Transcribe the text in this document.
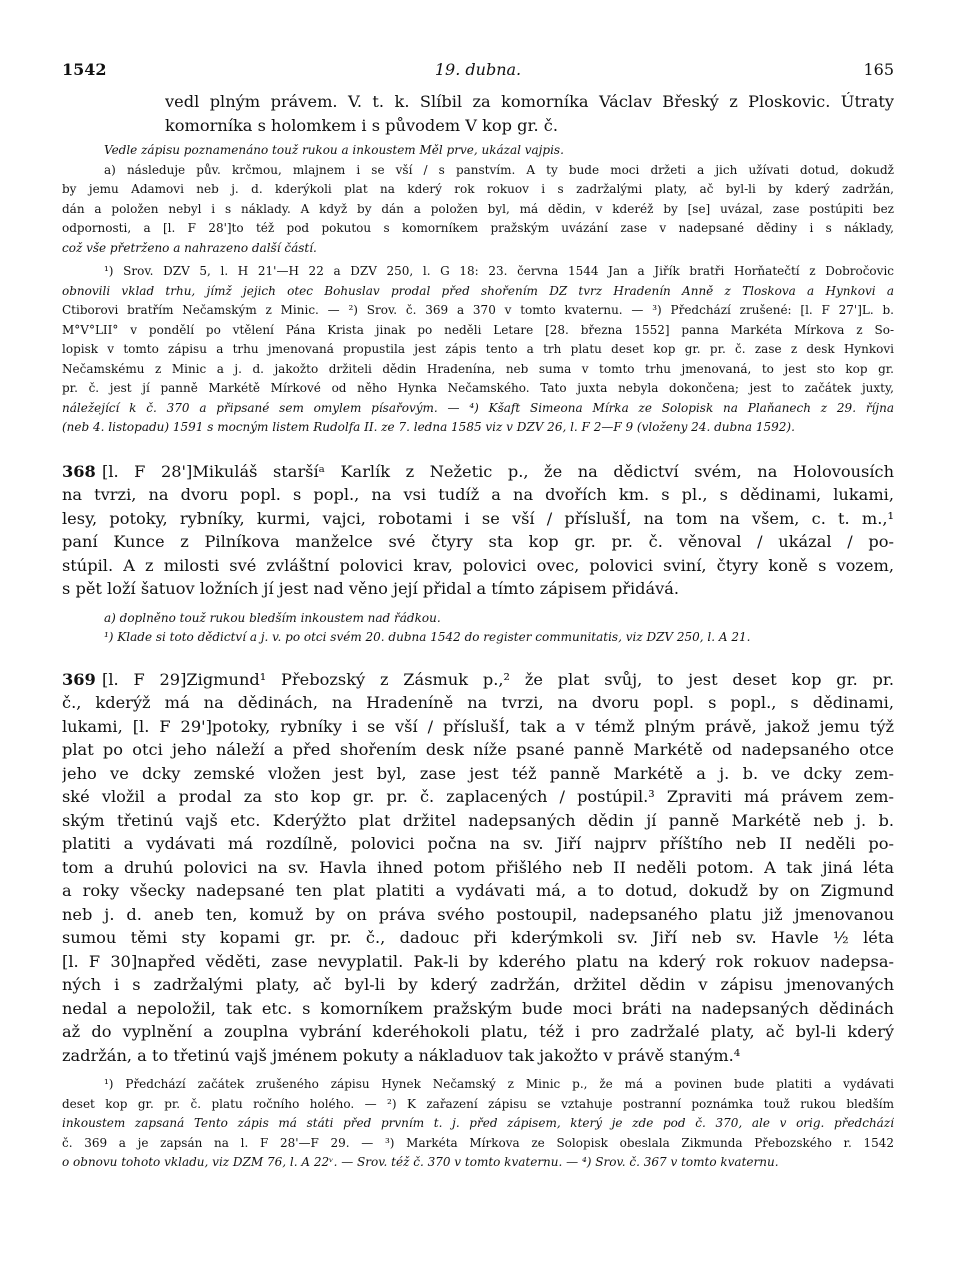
1542	19. dubna.	165
vedl plným právem. V. t. k. Slíbil za komorníka Václav Břeský z Ploskovic. Útraty
komorníka s holomkem i s původem V kop gr. č.
Vedle zápisu poznamenáno touž rukou a inkoustem Měl prve, ukázal vajpis.
a) následuje pův. krčmou, mlajnem i se vší / s panstvím. A ty bude moci držeti a jich užívati dotud, dokudž
by jemu Adamovi neb j. d. kderýkoli plat na kderý rok rokuov i s zadržalými platy, ač byl-li by kderý zadržán,
dán a položen nebyl i s náklady. A když by dán a položen byl, má dědin, v kderéž by [se] uvázal, zase postúpiti bez
odpornosti, a [l. F 28']to též pod pokutou s komorníkem pražským uvázání zase v nadepsané dědiny i s náklady,
což vše přetrženo a nahrazeno další částí.
¹) Srov. DZV 5, l. H 21'—H 22 a DZV 250, l. G 18: 23. června 1544 Jan a Jiřík bratři Horňatečtí z Dobročovic
obnovili vklad trhu, jímž jejich otec Bohuslav prodal před shořením DZ tvrz Hradenín Anně z Tloskova a Hynkovi a
Ctiborovi bratřím Nečamským z Minic. — ²) Srov. č. 369 a 370 v tomto kvaternu. — ³) Předchází zrušené: [l. F 27']L. b.
M°V°LII° v pondělí po vtělení Pána Krista jinak po neděli Letare [28. března 1552] panna Markéta Mírkova z So-
lopisk v tomto zápisu a trhu jmenovaná propustila jest zápis tento a trh platu deset kop gr. pr. č. zase z desk Hynkovi
Nečamskému z Minic a j. d. jakožto držiteli dědin Hradenína, neb suma v tomto trhu jmenovaná, to jest sto kop gr.
pr. č. jest jí panně Markétě Mírkové od něho Hynka Nečamského. Tato juxta nebyla dokončena; jest to začátek juxty,
náležející k č. 370 a připsané sem omylem písařovým. — ⁴) Kšaft Simeona Mírka ze Solopisk na Plaňanech z 29. října
(neb 4. listopadu) 1591 s mocným listem Rudolfa II. ze 7. ledna 1585 viz v DZV 26, l. F 2—F 9 (vloženy 24. dubna 1592).
368 [l. F 28']Mikuláš staršíᵃ Karlík z Nežetic p., že na dědictví svém, na Holovousích
na tvrzi, na dvoru popl. s popl., na vsi tudíž a na dvořích km. s pl., s dědinami, lukami,
lesy, potoky, rybníky, kurmi, vajci, robotami i se vší / příslušÍ, na tom na všem, c. t. m.,¹
paní Kunce z Pilníkova manželce své čtyry sta kop gr. pr. č. věnoval / ukázal / po-
stúpil. A z milosti své zvláštní polovici krav, polovici ovec, polovici sviní, čtyry koně s vozem,
s pět loží šatuov ložních jí jest nad věno její přidal a tímto zápisem přidává.
a) doplněno touž rukou bledším inkoustem nad řádkou.
¹) Klade si toto dědictví a j. v. po otci svém 20. dubna 1542 do register communitatis, viz DZV 250, l. A 21.
369 [l. F 29]Zigmund¹ Přebozský z Zásmuk p.,² že plat svůj, to jest deset kop gr. pr.
č., kderýž má na dědinách, na Hradeníně na tvrzi, na dvoru popl. s popl., s dědinami,
lukami, [l. F 29']potoky, rybníky i se vší / příslušÍ, tak a v témž plným právě, jakož jemu týž
plat po otci jeho náleží a před shořením desk níže psané panně Markétě od nadepsaného otce
jeho ve dcky zemské vložen jest byl, zase jest též panně Markétě a j. b. ve dcky zem-
ské vložil a prodal za sto kop gr. pr. č. zaplacených / postúpil.³ Zpraviti má právem zem-
ským třetinú vajš etc. Kderýžto plat držitel nadepsaných dědin jí panně Markétě neb j. b.
platiti a vydávati má rozdílně, polovici počna na sv. Jiří najprv příštího neb II neděli po-
tom a druhú polovici na sv. Havla ihned potom přišlého neb II neděli potom. A tak jiná léta
a roky všecky nadepsané ten plat platiti a vydávati má, a to dotud, dokudž by on Zigmund
neb j. d. aneb ten, komuž by on práva svého postoupil, nadepsaného platu již jmenovanou
sumou těmi sty kopami gr. pr. č., dadouc při kderýmkoli sv. Jiří neb sv. Havle ½ léta
[l. F 30]napřed věděti, zase nevyplatil. Pak-li by kderého platu na kderý rok rokuov nadepsa-
ných i s zadržalými platy, ač byl-li by kderý zadržán, držitel dědin v zápisu jmenovaných
nedal a nepoložil, tak etc. s komorníkem pražským bude moci bráti na nadepsaných dědinách
až do vyplnění a zouplna vybrání kderéhokoli platu, též i pro zadržalé platy, ač byl-li kderý
zadržán, a to třetinú vajš jménem pokuty a nákladuov tak jakožto v právě staným.⁴
¹) Předchází začátek zrušeného zápisu Hynek Nečamský z Minic p., že má a povinen bude platiti a vydávati
deset kop gr. pr. č. platu ročního holého. — ²) K zařazení zápisu se vztahuje postranní poznámka touž rukou bledším
inkoustem zapsaná Tento zápis má státi před prvním t. j. před zápisem, který je zde pod č. 370, ale v orig. předchází
č. 369 a je zapsán na l. F 28'—F 29. — ³) Markéta Mírkova ze Solopisk obeslala Zikmunda Přebozského r. 1542
o obnovu tohoto vkladu, viz DZM 76, l. A 22ᵛ. — Srov. též č. 370 v tomto kvaternu. — ⁴) Srov. č. 367 v tomto kvaternu.
